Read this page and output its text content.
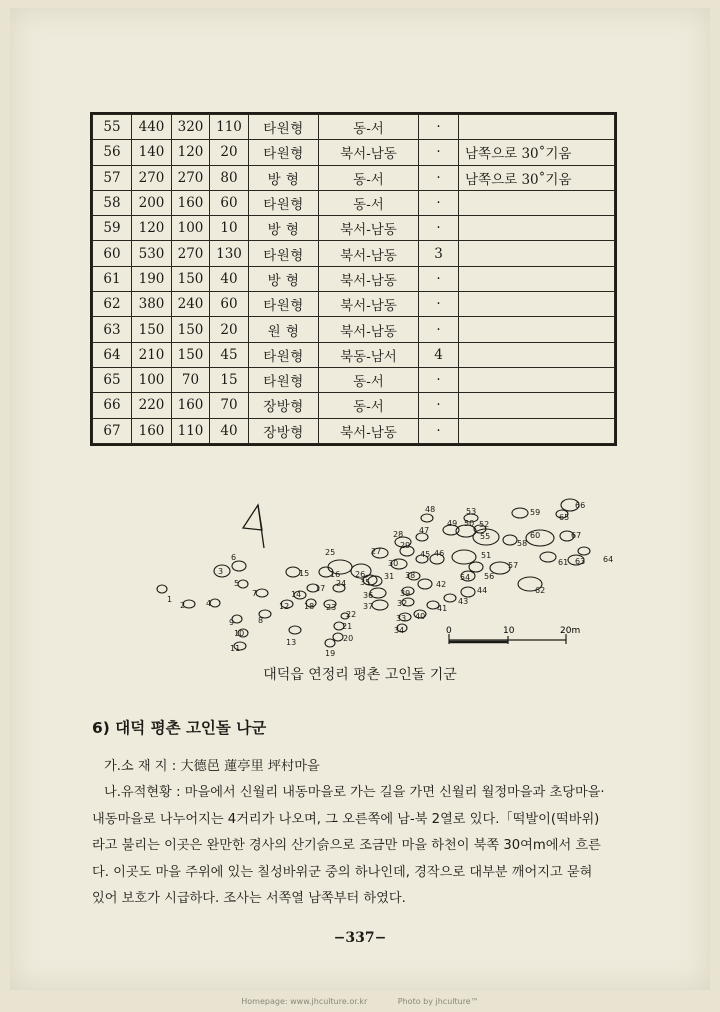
55	440	320	110	타원형	동-서	·	
56	140	120	20	타원형	북서-남동	·	남쪽으로 30˚기움
57	270	270	80	방 형	동-서	·	남쪽으로 30˚기움
58	200	160	60	타원형	동-서	·	
59	120	100	10	방 형	북서-남동	·	
60	530	270	130	타원형	북서-남동	3	
61	190	150	40	방 형	북서-남동	·	
62	380	240	60	타원형	북서-남동	·	
63	150	150	20	원 형	북서-남동	·	
64	210	150	45	타원형	북동-남서	4	
65	100	70	15	타원형	동-서	·	
66	220	160	70	장방형	동-서	·	
67	160	110	40	장방형	북서-남동	·	
1
2
3
4
5
6
7
8
9
10
11
12
13
14
15	16
17
18
19
20
21
22
23
24
25
26
27
28
29
30
31
32
33
34
35
36
37
38
39
40
41
42
43
44
45 46
47
48
49 50
51
52
53
54
55
56
57
58
59
60
61
62
63 64
65
66
67
0	10	20m
대덕읍 연정리 평촌 고인돌 기군
6) 대덕 평촌 고인돌 나군
가.소 재 지 : 大德邑 蓮亭里 坪村마을
나.유적현황 : 마을에서 신월리 내동마을로 가는 길을 가면 신월리 월정마을과 초당마을·
내동마을로 나누어지는 4거리가 나오며, 그 오른쪽에 남-북 2열로 있다.「떡발이(떡바위)
라고 불리는 이곳은 완만한 경사의 산기슭으로 조금만 마을 하천이 북쪽 30여m에서 흐른
다. 이곳도 마을 주위에 있는 칠성바위군 중의 하나인데, 경작으로 대부분 깨어지고 묻혀
있어 보호가 시급하다. 조사는 서쪽열 남쪽부터 하였다.
−337−
Homepage: www.jhculture.or.kr	Photo by jhculture™
